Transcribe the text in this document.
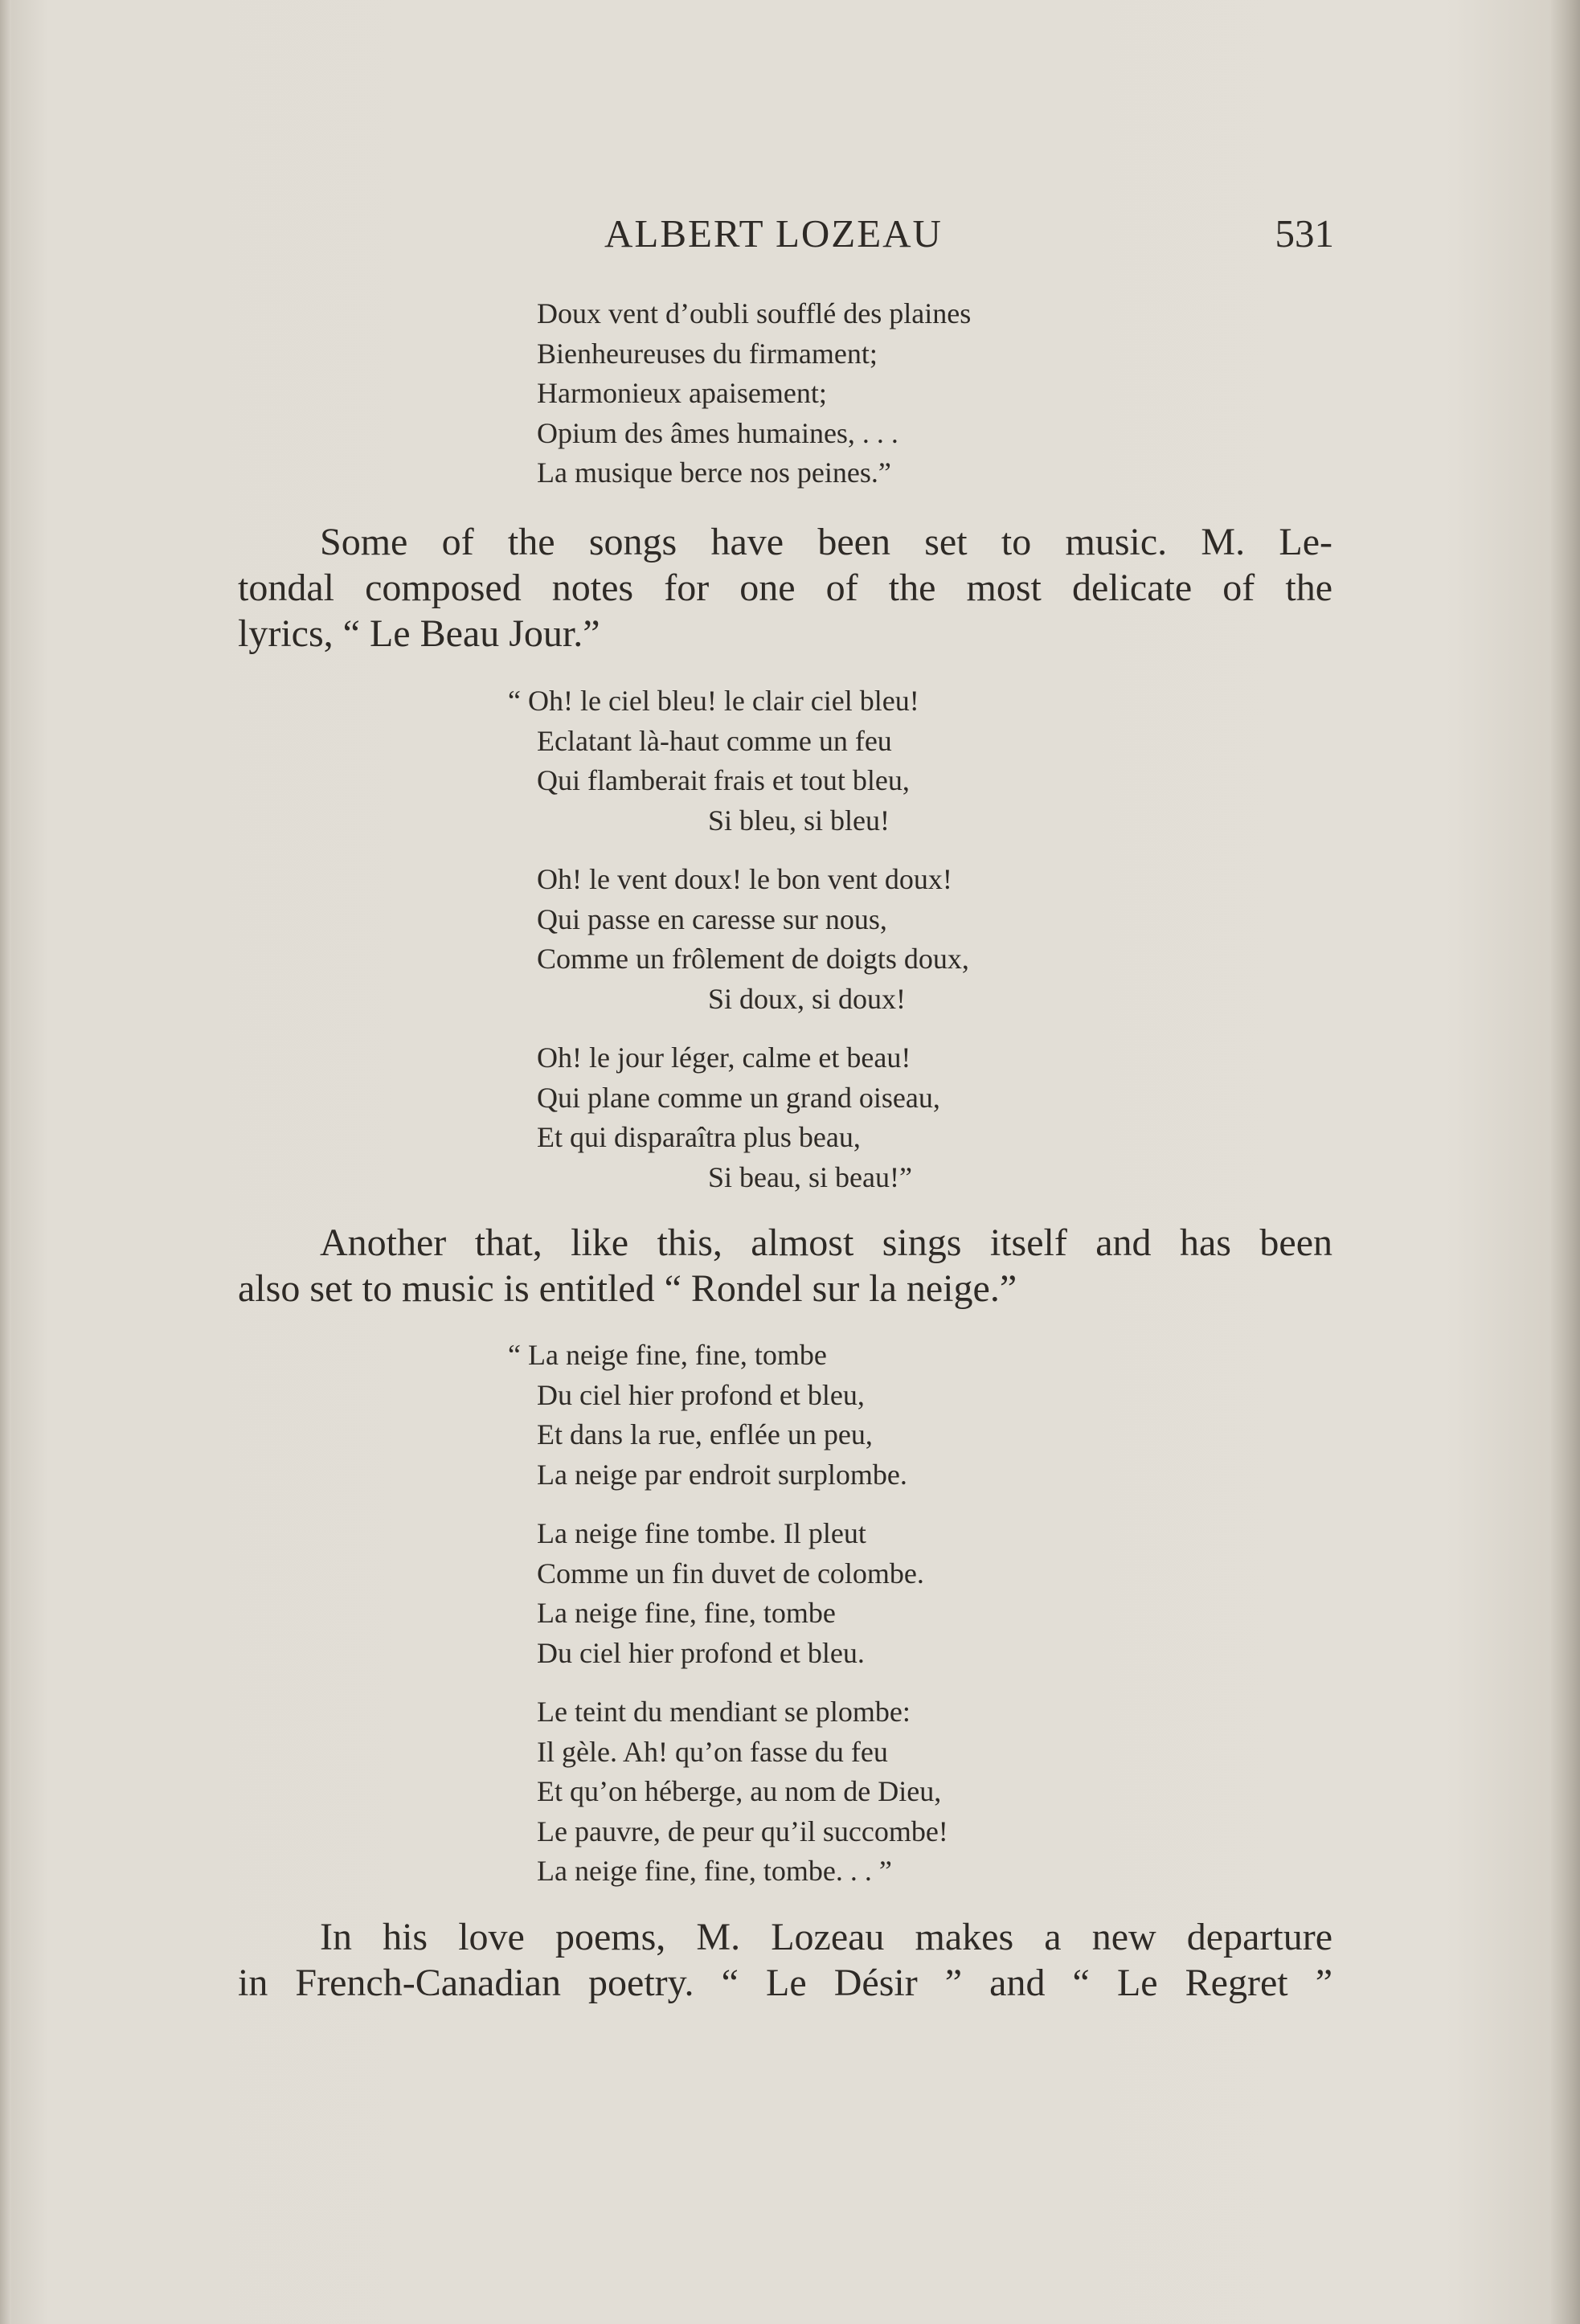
ALBERT LOZEAU	531
Doux vent d’oubli soufflé des plaines
Bienheureuses du firmament;
Harmonieux apaisement;
Opium des âmes humaines, . . .
La musique berce nos peines.”
Some of the songs have been set to music. M. Le-
tondal composed notes for one of the most delicate of the
lyrics, “ Le Beau Jour.”
“ Oh! le ciel bleu! le clair ciel bleu!
Eclatant là-haut comme un feu
Qui flamberait frais et tout bleu,
Si bleu, si bleu!
Oh! le vent doux! le bon vent doux!
Qui passe en caresse sur nous,
Comme un frôlement de doigts doux,
Si doux, si doux!
Oh! le jour léger, calme et beau!
Qui plane comme un grand oiseau,
Et qui disparaîtra plus beau,
Si beau, si beau!”
Another that, like this, almost sings itself and has been
also set to music is entitled “ Rondel sur la neige.”
“ La neige fine, fine, tombe
Du ciel hier profond et bleu,
Et dans la rue, enflée un peu,
La neige par endroit surplombe.
La neige fine tombe. Il pleut
Comme un fin duvet de colombe.
La neige fine, fine, tombe
Du ciel hier profond et bleu.
Le teint du mendiant se plombe:
Il gèle. Ah! qu’on fasse du feu
Et qu’on héberge, au nom de Dieu,
Le pauvre, de peur qu’il succombe!
La neige fine, fine, tombe. . . ”
In his love poems, M. Lozeau makes a new departure
in French-Canadian poetry. “ Le Désir ” and “ Le Regret ”
